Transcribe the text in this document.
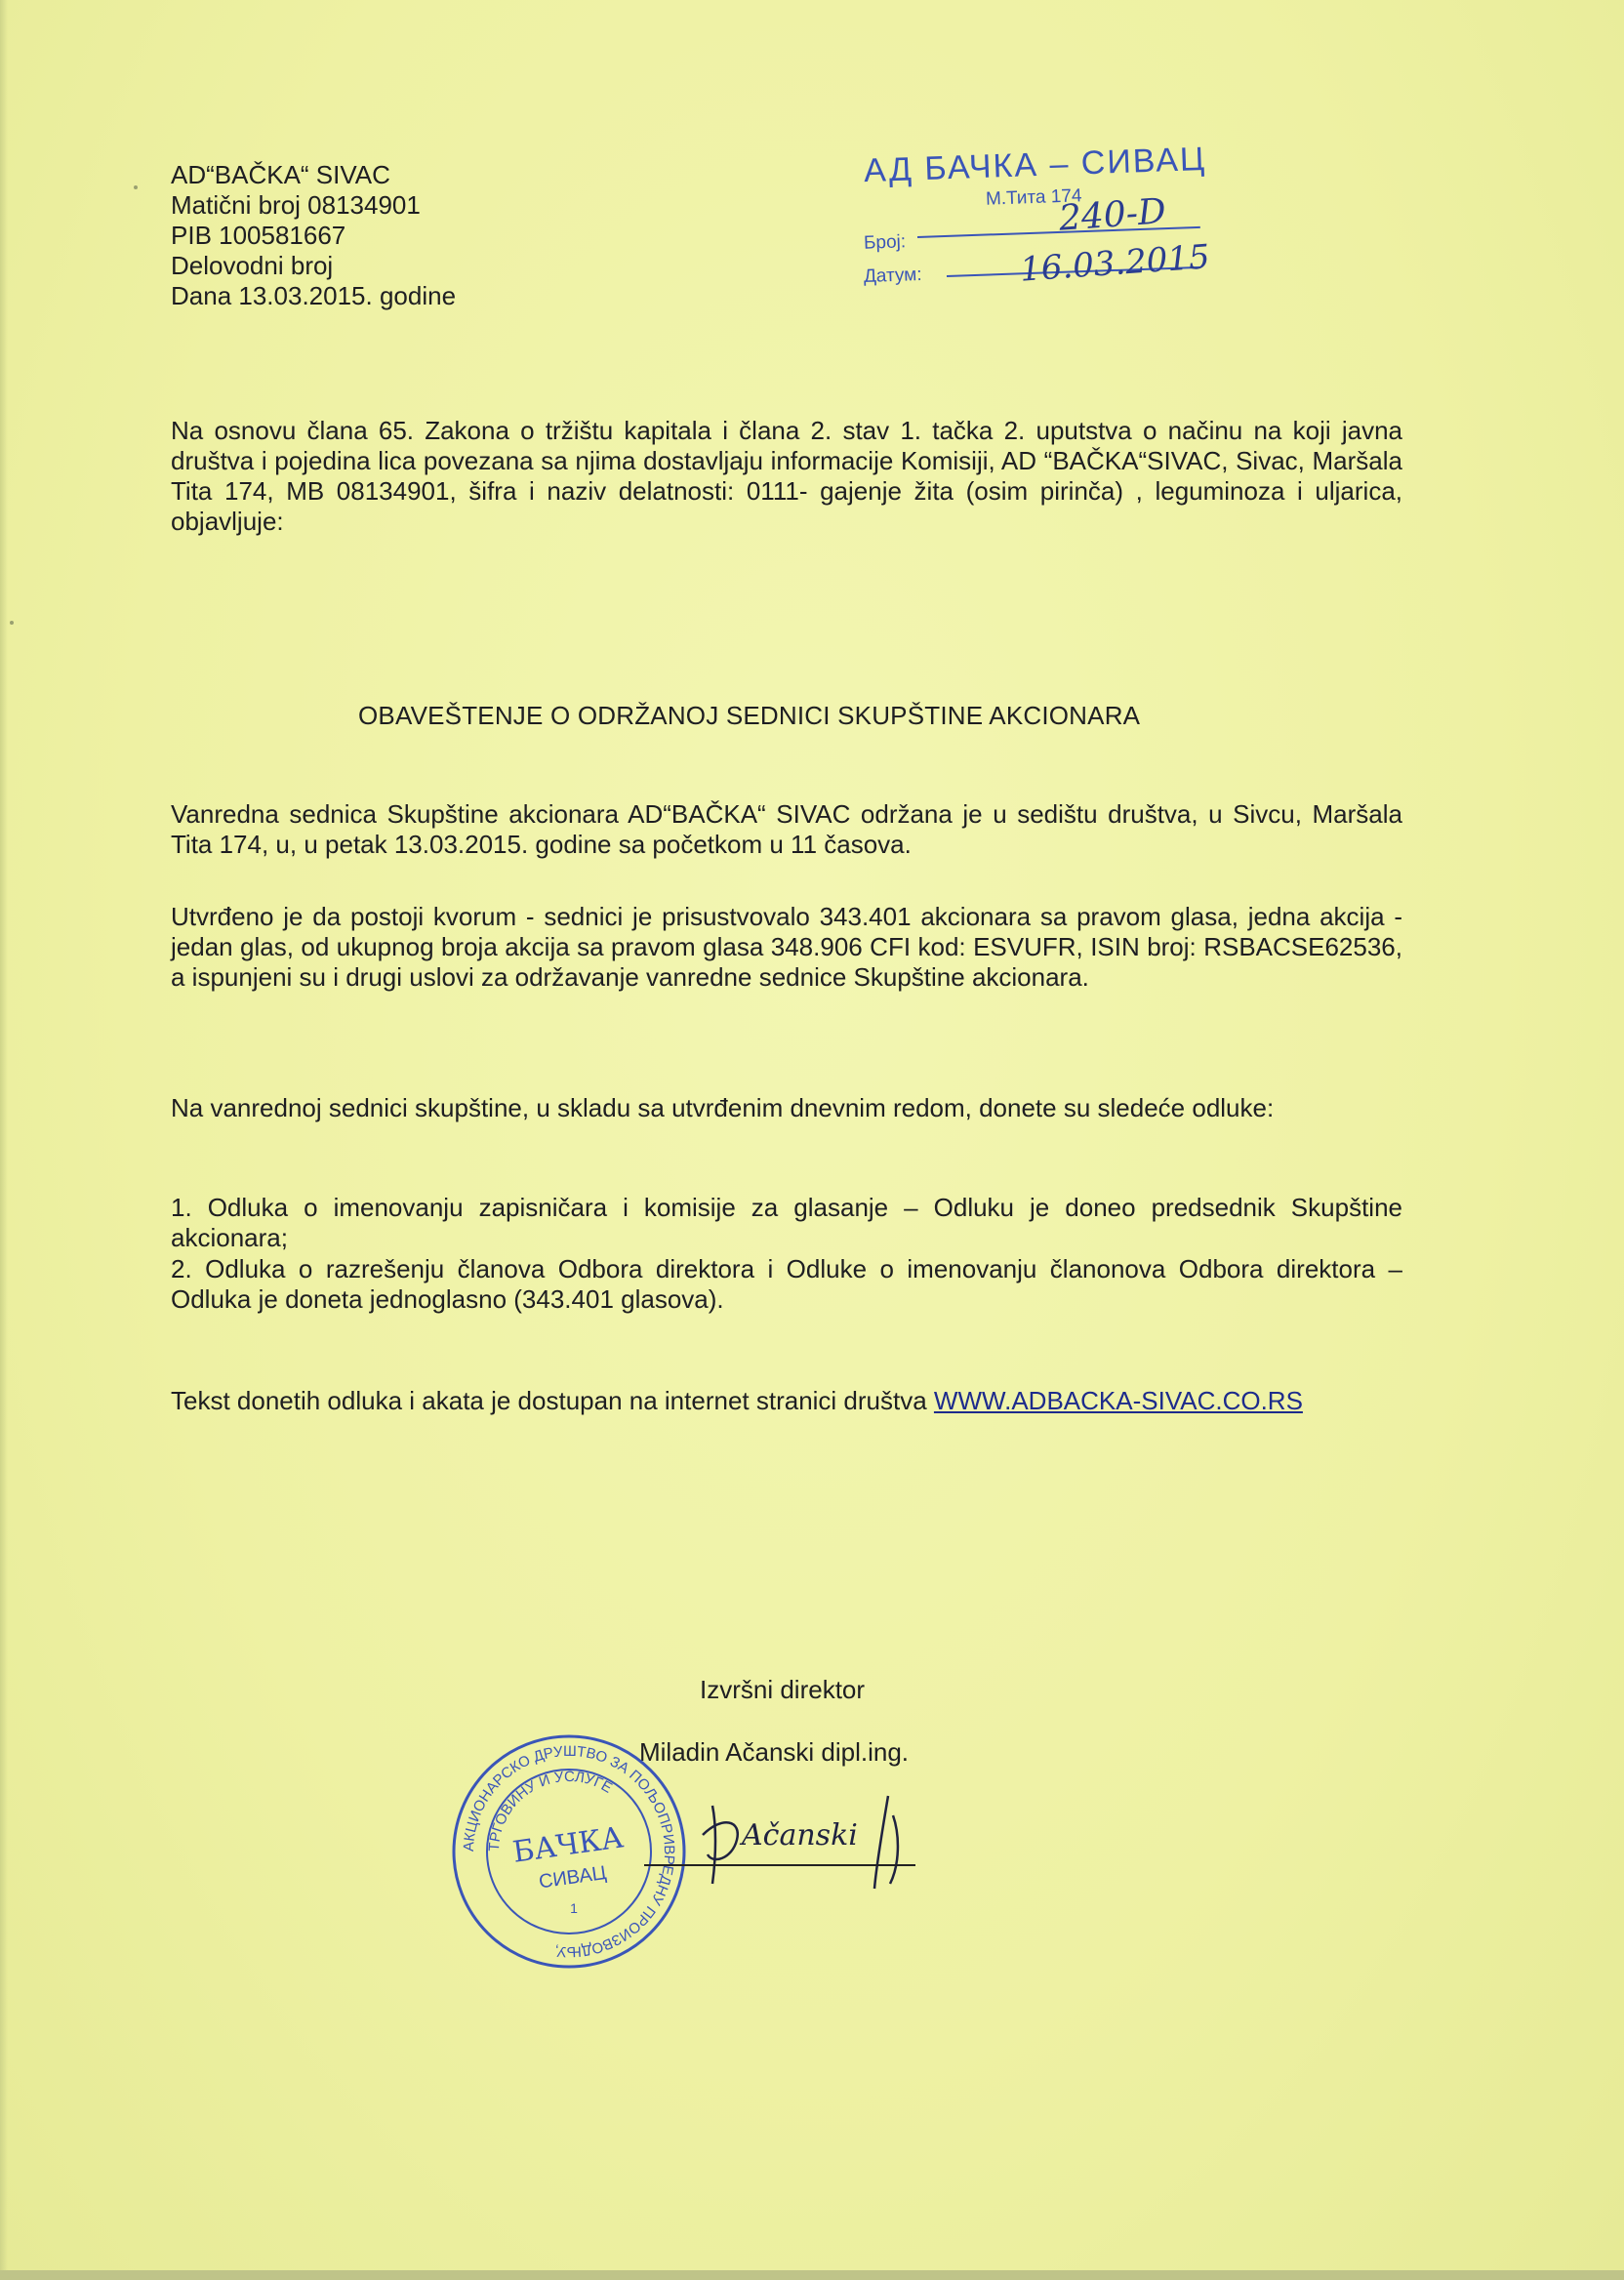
AD“BAČKA“ SIVAC
Matični broj 08134901
PIB 100581667
Delovodni broj
Dana 13.03.2015. godine
АД БАЧКА – СИВАЦ
М.Тита 174
Број:
240-D
Датум:	16.03.2015
Na osnovu člana 65. Zakona o tržištu kapitala i člana 2. stav 1. tačka 2. uputstva o načinu na koji javna društva i pojedina lica povezana sa njima dostavljaju informacije Komisiji, AD “BAČKA“SIVAC, Sivac, Maršala Tita 174, MB 08134901, šifra i naziv delatnosti: 0111- gajenje žita (osim pirinča) , leguminoza i uljarica, objavljuje:
OBAVEŠTENJE O ODRŽANOJ SEDNICI SKUPŠTINE AKCIONARA
Vanredna sednica Skupštine akcionara AD“BAČKA“ SIVAC održana je u sedištu društva, u Sivcu, Maršala Tita 174, u, u petak 13.03.2015. godine sa početkom u 11 časova.
Utvrđeno je da postoji kvorum - sednici je prisustvovalo 343.401 akcionara sa pravom glasa, jedna akcija - jedan glas, od ukupnog broja akcija sa pravom glasa 348.906 CFI kod: ESVUFR, ISIN broj: RSBACSE62536, a ispunjeni su i drugi uslovi za održavanje vanredne sednice Skupštine akcionara.
Na vanrednoj sednici skupštine, u skladu sa utvrđenim dnevnim redom, donete su sledeće odluke:
1. Odluka o imenovanju zapisničara i komisije za glasanje – Odluku je doneo predsednik Skupštine akcionara;
2. Odluka o razrešenju članova Odbora direktora i Odluke o imenovanju članonova Odbora direktora – Odluka je doneta jednoglasno (343.401 glasova).
Tekst donetih odluka i akata je dostupan na internet stranici društva WWW.ADBACKA-SIVAC.CO.RS
Izvršni direktor
Miladin Ačanski dipl.ing.
АКЦИОНАРСКО ДРУШТВО ЗА ПОЉОПРИВРЕДНУ ПРОИЗВОДЊУ,
ТРГОВИНУ И УСЛУГЕ
БАЧКА
СИВАЦ
1
Ačanski
